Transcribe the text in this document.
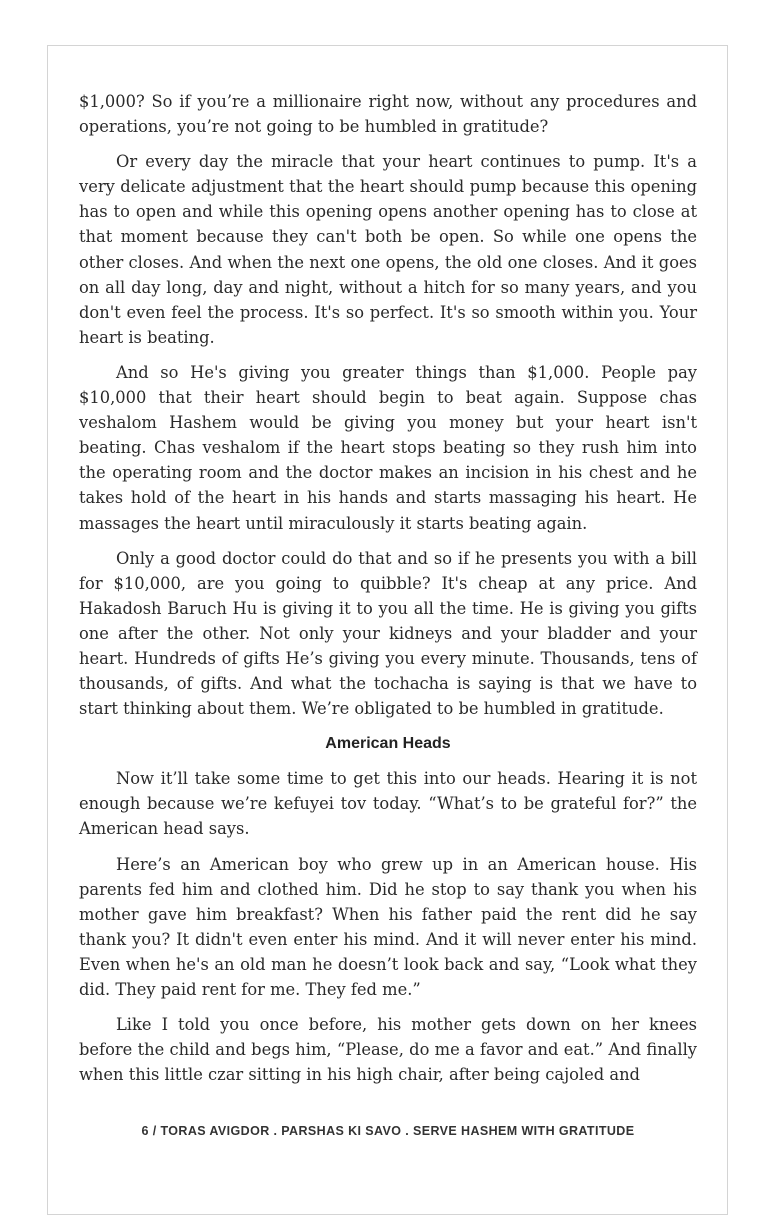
$1,000? So if you’re a millionaire right now, without any procedures and operations, you’re not going to be humbled in gratitude?

Or every day the miracle that your heart continues to pump. It's a very delicate adjustment that the heart should pump because this opening has to open and while this opening opens another opening has to close at that moment because they can't both be open. So while one opens the other closes. And when the next one opens, the old one closes. And it goes on all day long, day and night, without a hitch for so many years, and you don't even feel the process. It's so perfect. It's so smooth within you. Your heart is beating.

And so He's giving you greater things than $1,000. People pay $10,000 that their heart should begin to beat again. Suppose chas veshalom Hashem would be giving you money but your heart isn't beating. Chas veshalom if the heart stops beating so they rush him into the operating room and the doctor makes an incision in his chest and he takes hold of the heart in his hands and starts massaging his heart. He massages the heart until miraculously it starts beating again.

Only a good doctor could do that and so if he presents you with a bill for $10,000, are you going to quibble? It's cheap at any price. And Hakadosh Baruch Hu is giving it to you all the time. He is giving you gifts one after the other. Not only your kidneys and your bladder and your heart. Hundreds of gifts He’s giving you every minute. Thousands, tens of thousands, of gifts. And what the tochacha is saying is that we have to start thinking about them. We’re obligated to be humbled in gratitude.

American Heads

Now it’ll take some time to get this into our heads. Hearing it is not enough because we’re kefuyei tov today. “What’s to be grateful for?” the American head says.

Here’s an American boy who grew up in an American house. His parents fed him and clothed him. Did he stop to say thank you when his mother gave him breakfast? When his father paid the rent did he say thank you? It didn't even enter his mind. And it will never enter his mind. Even when he's an old man he doesn’t look back and say, “Look what they did. They paid rent for me. They fed me.”

Like I told you once before, his mother gets down on her knees before the child and begs him, “Please, do me a favor and eat.” And finally when this little czar sitting in his high chair, after being cajoled and

6 / TORAS AVIGDOR . PARSHAS KI SAVO . SERVE HASHEM WITH GRATITUDE
